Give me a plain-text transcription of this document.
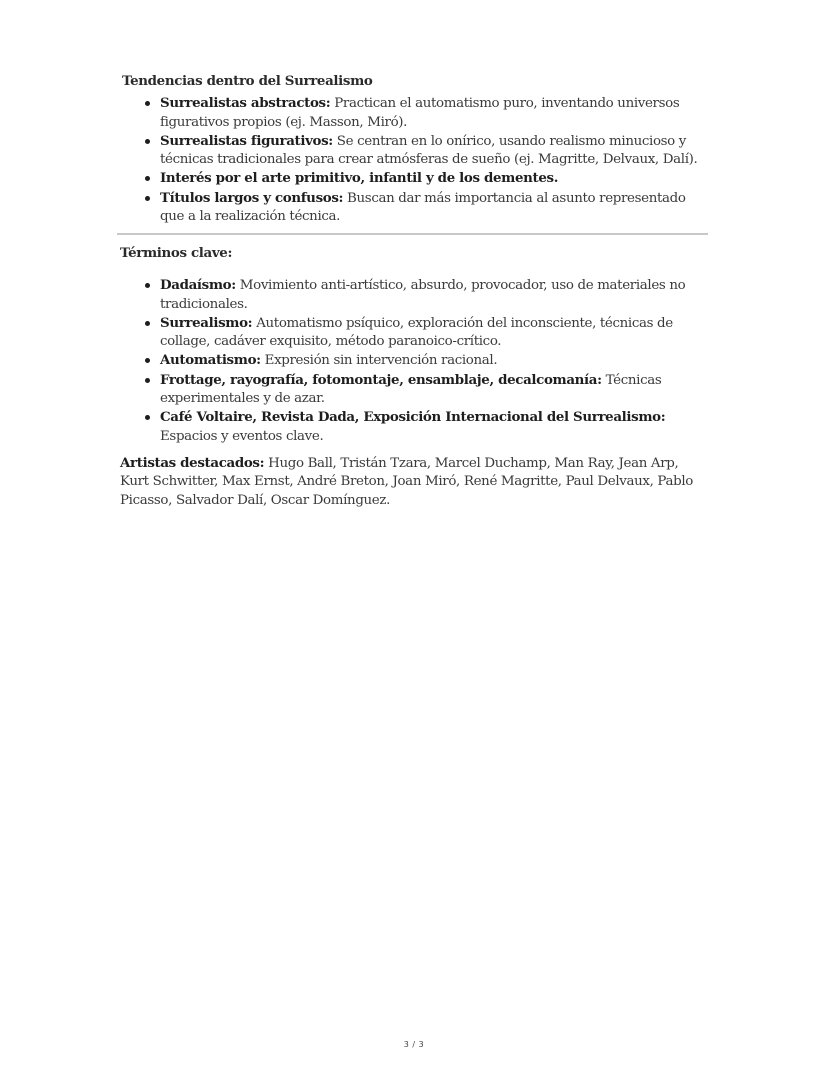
Tendencias dentro del Surrealismo

Surrealistas abstractos: Practican el automatismo puro, inventando universos figurativos propios (ej. Masson, Miró).
Surrealistas figurativos: Se centran en lo onírico, usando realismo minucioso y técnicas tradicionales para crear atmósferas de sueño (ej. Magritte, Delvaux, Dalí).
Interés por el arte primitivo, infantil y de los dementes.
Títulos largos y confusos: Buscan dar más importancia al asunto representado que a la realización técnica.

Términos clave:

Dadaísmo: Movimiento anti-artístico, absurdo, provocador, uso de materiales no tradicionales.
Surrealismo: Automatismo psíquico, exploración del inconsciente, técnicas de collage, cadáver exquisito, método paranoico-crítico.
Automatismo: Expresión sin intervención racional.
Frottage, rayografía, fotomontaje, ensamblaje, decalcomanía: Técnicas experimentales y de azar.
Café Voltaire, Revista Dada, Exposición Internacional del Surrealismo: Espacios y eventos clave.

Artistas destacados: Hugo Ball, Tristán Tzara, Marcel Duchamp, Man Ray, Jean Arp, Kurt Schwitter, Max Ernst, André Breton, Joan Miró, René Magritte, Paul Delvaux, Pablo Picasso, Salvador Dalí, Oscar Domínguez.

3 / 3
